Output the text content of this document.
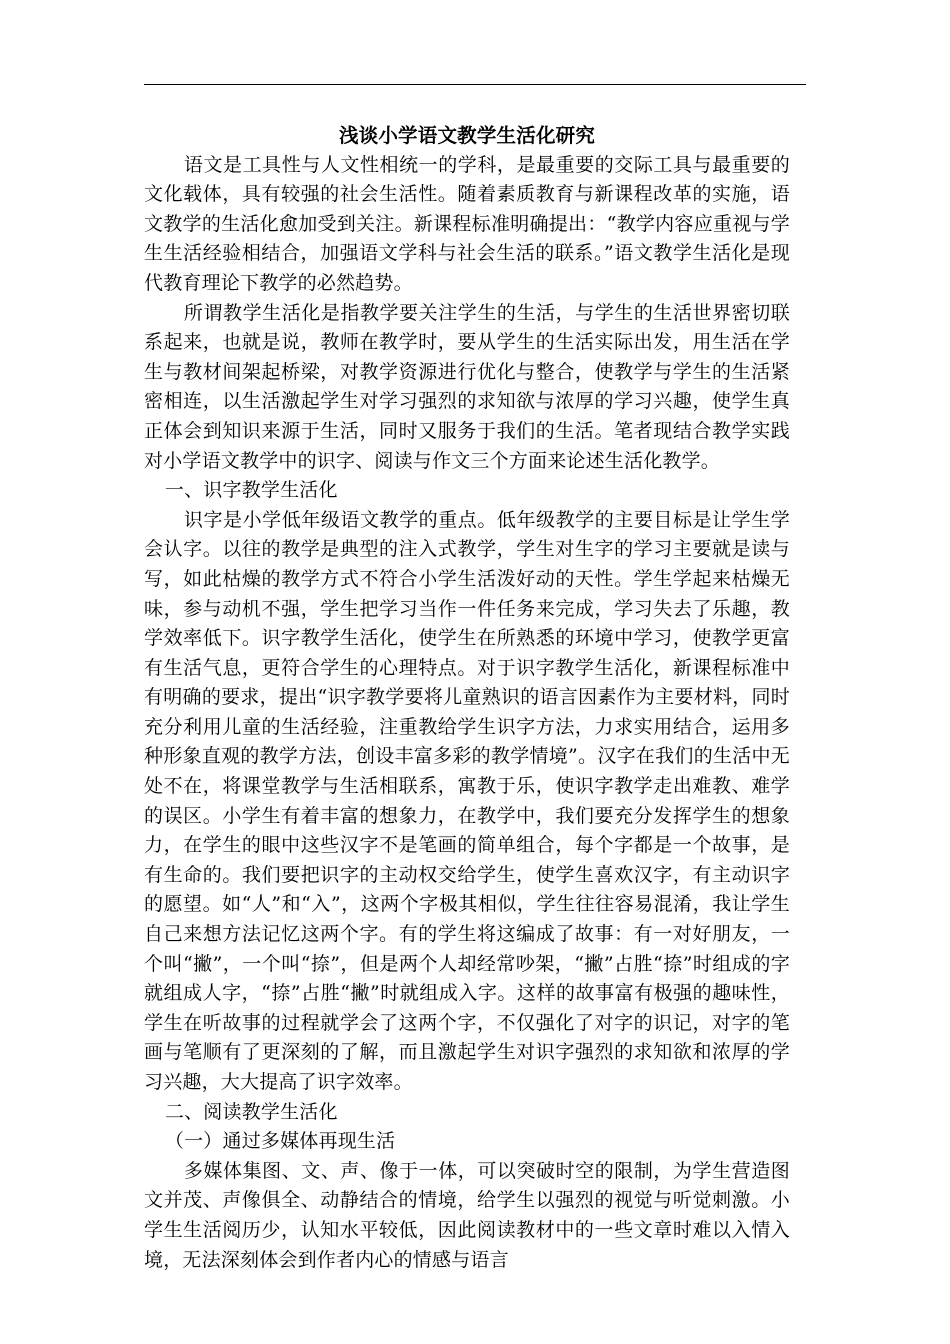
浅谈小学语文教学生活化研究

语文是工具性与人文性相统一的学科，是最重要的交际工具与最重要的文化载体，具有较强的社会生活性。随着素质教育与新课程改革的实施，语文教学的生活化愈加受到关注。新课程标准明确提出：“教学内容应重视与学生生活经验相结合，加强语文学科与社会生活的联系。”语文教学生活化是现代教育理论下教学的必然趋势。

所谓教学生活化是指教学要关注学生的生活，与学生的生活世界密切联系起来，也就是说，教师在教学时，要从学生的生活实际出发，用生活在学生与教材间架起桥梁，对教学资源进行优化与整合，使教学与学生的生活紧密相连，以生活激起学生对学习强烈的求知欲与浓厚的学习兴趣，使学生真正体会到知识来源于生活，同时又服务于我们的生活。笔者现结合教学实践对小学语文教学中的识字、阅读与作文三个方面来论述生活化教学。

一、识字教学生活化

识字是小学低年级语文教学的重点。低年级教学的主要目标是让学生学会认字。以往的教学是典型的注入式教学，学生对生字的学习主要就是读与写，如此枯燥的教学方式不符合小学生活泼好动的天性。学生学起来枯燥无味，参与动机不强，学生把学习当作一件任务来完成，学习失去了乐趣，教学效率低下。识字教学生活化，使学生在所熟悉的环境中学习，使教学更富有生活气息，更符合学生的心理特点。对于识字教学生活化，新课程标准中有明确的要求，提出“识字教学要将儿童熟识的语言因素作为主要材料，同时充分利用儿童的生活经验，注重教给学生识字方法，力求实用结合，运用多种形象直观的教学方法，创设丰富多彩的教学情境”。汉字在我们的生活中无处不在，将课堂教学与生活相联系，寓教于乐，使识字教学走出难教、难学的误区。小学生有着丰富的想象力，在教学中，我们要充分发挥学生的想象力，在学生的眼中这些汉字不是笔画的简单组合，每个字都是一个故事，是有生命的。我们要把识字的主动权交给学生，使学生喜欢汉字，有主动识字的愿望。如“人”和“入”，这两个字极其相似，学生往往容易混淆，我让学生自己来想方法记忆这两个字。有的学生将这编成了故事：有一对好朋友，一个叫“撇”，一个叫“捺”，但是两个人却经常吵架，“撇”占胜“捺”时组成的字就组成人字，“捺”占胜“撇”时就组成入字。这样的故事富有极强的趣味性，学生在听故事的过程就学会了这两个字，不仅强化了对字的识记，对字的笔画与笔顺有了更深刻的了解，而且激起学生对识字强烈的求知欲和浓厚的学习兴趣，大大提高了识字效率。

二、阅读教学生活化

（一）通过多媒体再现生活

多媒体集图、文、声、像于一体，可以突破时空的限制，为学生营造图文并茂、声像俱全、动静结合的情境，给学生以强烈的视觉与听觉刺激。小学生生活阅历少，认知水平较低，因此阅读教材中的一些文章时难以入情入境，无法深刻体会到作者内心的情感与语言
